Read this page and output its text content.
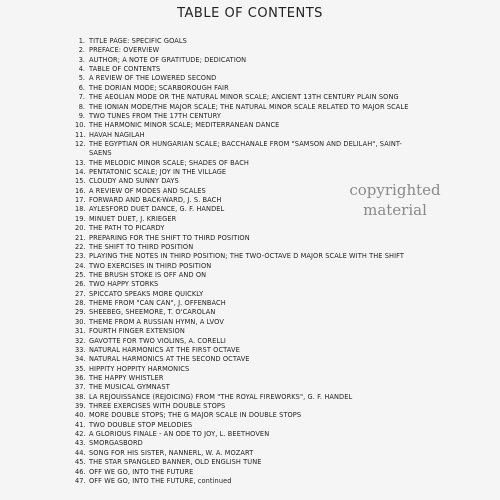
TABLE OF CONTENTS
1. TITLE PAGE: SPECIFIC GOALS
2. PREFACE: OVERVIEW
3. AUTHOR; A NOTE OF GRATITUDE; DEDICATION
4. TABLE OF CONTENTS
5. A REVIEW OF THE LOWERED SECOND
6. THE DORIAN MODE; SCARBOROUGH FAIR
7. THE AEOLIAN MODE OR THE NATURAL MINOR SCALE; ANCIENT 13TH CENTURY PLAIN SONG
8. THE IONIAN MODE/THE MAJOR SCALE; THE NATURAL MINOR SCALE RELATED TO MAJOR SCALE
9. TWO TUNES FROM THE 17TH CENTURY
10. THE HARMONIC MINOR SCALE; MEDITERRANEAN DANCE
11. HAVAH NAGILAH
12. THE EGYPTIAN OR HUNGARIAN SCALE; BACCHANALE FROM "SAMSON AND DELILAH", SAINT-
SAENS
13. THE MELODIC MINOR SCALE; SHADES OF BACH
14. PENTATONIC SCALE; JOY IN THE VILLAGE
15. CLOUDY AND SUNNY DAYS
16. A REVIEW OF MODES AND SCALES
17. FORWARD AND BACK-WARD, J. S. BACH
18. AYLESFORD DUET DANCE, G. F. HANDEL
19. MINUET DUET, J. KRIEGER
20. THE PATH TO PICARDY
21. PREPARING FOR THE SHIFT TO THIRD POSITION
22. THE SHIFT TO THIRD POSITION
23. PLAYING THE NOTES IN THIRD POSITION; THE TWO-OCTAVE D MAJOR SCALE WITH THE SHIFT
24. TWO EXERCISES IN THIRD POSITION
25. THE BRUSH STOKE IS OFF AND ON
26. TWO HAPPY STORKS
27. SPICCATO SPEAKS MORE QUICKLY
28. THEME FROM "CAN CAN", J. OFFENBACH
29. SHEEBEG, SHEEMORE, T. O'CAROLAN
30. THEME FROM A RUSSIAN HYMN, A LVOV
31. FOURTH FINGER EXTENSION
32. GAVOTTE FOR TWO VIOLINS, A. CORELLI
33. NATURAL HARMONICS AT THE FIRST OCTAVE
34. NATURAL HARMONICS AT THE SECOND OCTAVE
35. HIPPITY HOPPITY HARMONICS
36. THE HAPPY WHISTLER
37. THE MUSICAL GYMNAST
38. LA REJOUISSANCE (REJOICING) FROM "THE ROYAL FIREWORKS", G. F. HANDEL
39. THREE EXERCISES WITH DOUBLE STOPS
40. MORE DOUBLE STOPS; THE G MAJOR SCALE IN DOUBLE STOPS
41. TWO DOUBLE STOP MELODIES
42. A GLORIOUS FINALE - AN ODE TO JOY, L. BEETHOVEN
43. SMORGASBORD
44. SONG FOR HIS SISTER, NANNERL, W. A. MOZART
45. THE STAR SPANGLED BANNER, OLD ENGLISH TUNE
46. OFF WE GO, INTO THE FUTURE
47. OFF WE GO, INTO THE FUTURE, continued
copyrighted
material
